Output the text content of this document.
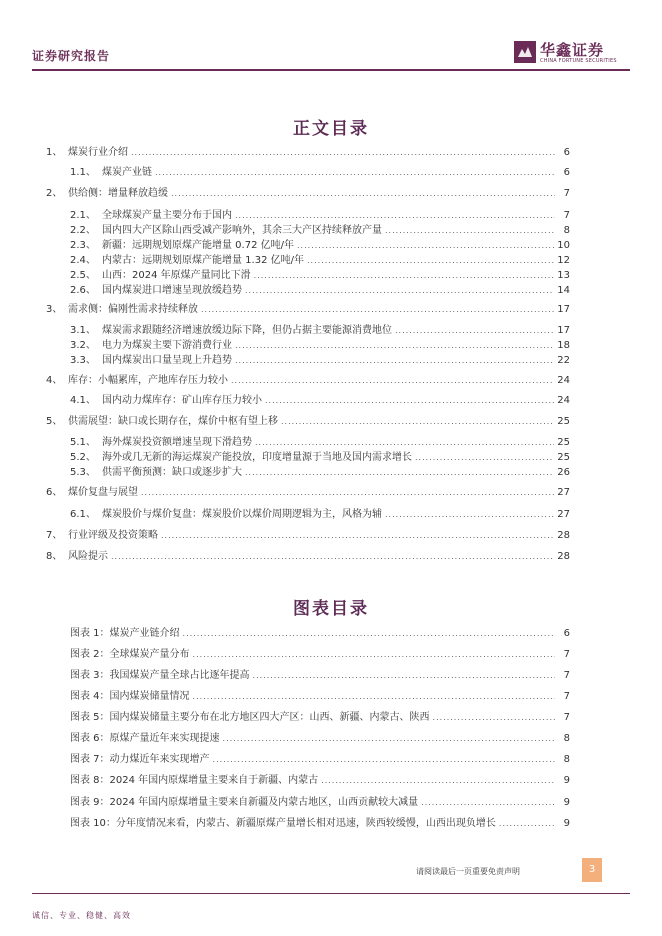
证券研究报告	华鑫证券
CHINA FORTUNE SECURITIES
正文目录
1、 煤炭行业介绍 .....	6
1.1、 煤炭产业链 .....	6
2、 供给侧：增量释放趋缓 .....	7
2.1、 全球煤炭产量主要分布于国内 .....	7
2.2、 国内四大产区除山西受减产影响外，其余三大产区持续释放产量 .....	8
2.3、 新疆：远期规划原煤产能增量 0.72 亿吨/年 .....	10
2.4、 内蒙古：远期规划原煤产能增量 1.32 亿吨/年 .....	12
2.5、 山西：2024 年原煤产量同比下滑 .....	13
2.6、 国内煤炭进口增速呈现放缓趋势 .....	14
3、 需求侧：偏刚性需求持续释放 .....	17
3.1、 煤炭需求跟随经济增速放缓边际下降，但仍占据主要能源消费地位 .....	17
3.2、 电力为煤炭主要下游消费行业 .....	18
3.3、 国内煤炭出口量呈现上升趋势 .....	22
4、 库存：小幅累库，产地库存压力较小 .....	24
4.1、 国内动力煤库存：矿山库存压力较小 .....	24
5、 供需展望：缺口或长期存在，煤价中枢有望上移 .....	25
5.1、 海外煤炭投资额增速呈现下滑趋势 .....	25
5.2、 海外或几无新的海运煤炭产能投放，印度增量源于当地及国内需求增长 .....	25
5.3、 供需平衡预测：缺口或逐步扩大 .....	26
6、 煤价复盘与展望 .....	27
6.1、 煤炭股价与煤价复盘：煤炭股价以煤价周期逻辑为主，风格为辅 .....	27
7、 行业评级及投资策略 .....	28
8、 风险提示 .....	28
图表目录
图表 1：煤炭产业链介绍 .....	6
图表 2：全球煤炭产量分布 .....	7
图表 3：我国煤炭产量全球占比逐年提高 .....	7
图表 4：国内煤炭储量情况 .....	7
图表 5：国内煤炭储量主要分布在北方地区四大产区：山西、新疆、内蒙古、陕西 .....	7
图表 6：原煤产量近年来实现提速 .....	8
图表 7：动力煤近年来实现增产 .....	8
图表 8：2024 年国内原煤增量主要来自于新疆、内蒙古 .....	9
图表 9：2024 年国内原煤增量主要来自新疆及内蒙古地区，山西贡献较大减量 .....	9
图表 10：分年度情况来看，内蒙古、新疆原煤产量增长相对迅速，陕西较缓慢，山西出现负增长 .....	9
请阅读最后一页重要免责声明	3
诚信、专业、稳健、高效
